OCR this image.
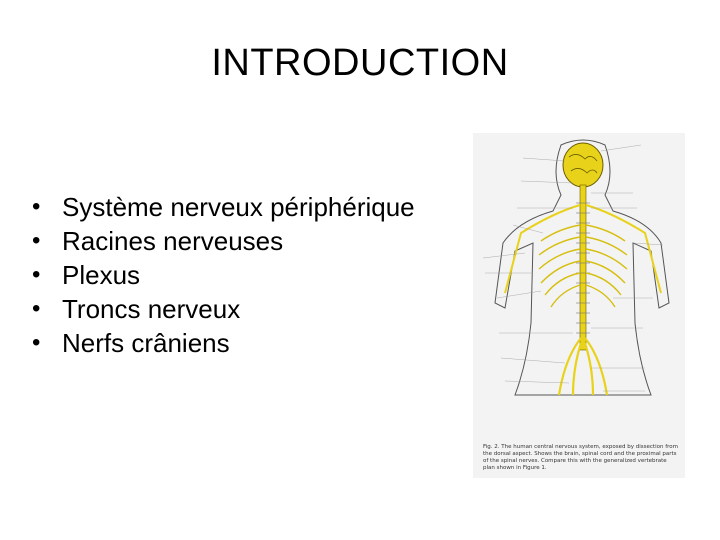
INTRODUCTION
• Système nerveux périphérique
• Racines nerveuses
• Plexus
• Troncs nerveux
• Nerfs crâniens
Fig. 2. The human central nervous system, exposed by dissection from the dorsal aspect. Shows the brain, spinal cord and the proximal parts of the spinal nerves. Compare this with the generalized vertebrate plan shown in Figure 1.
